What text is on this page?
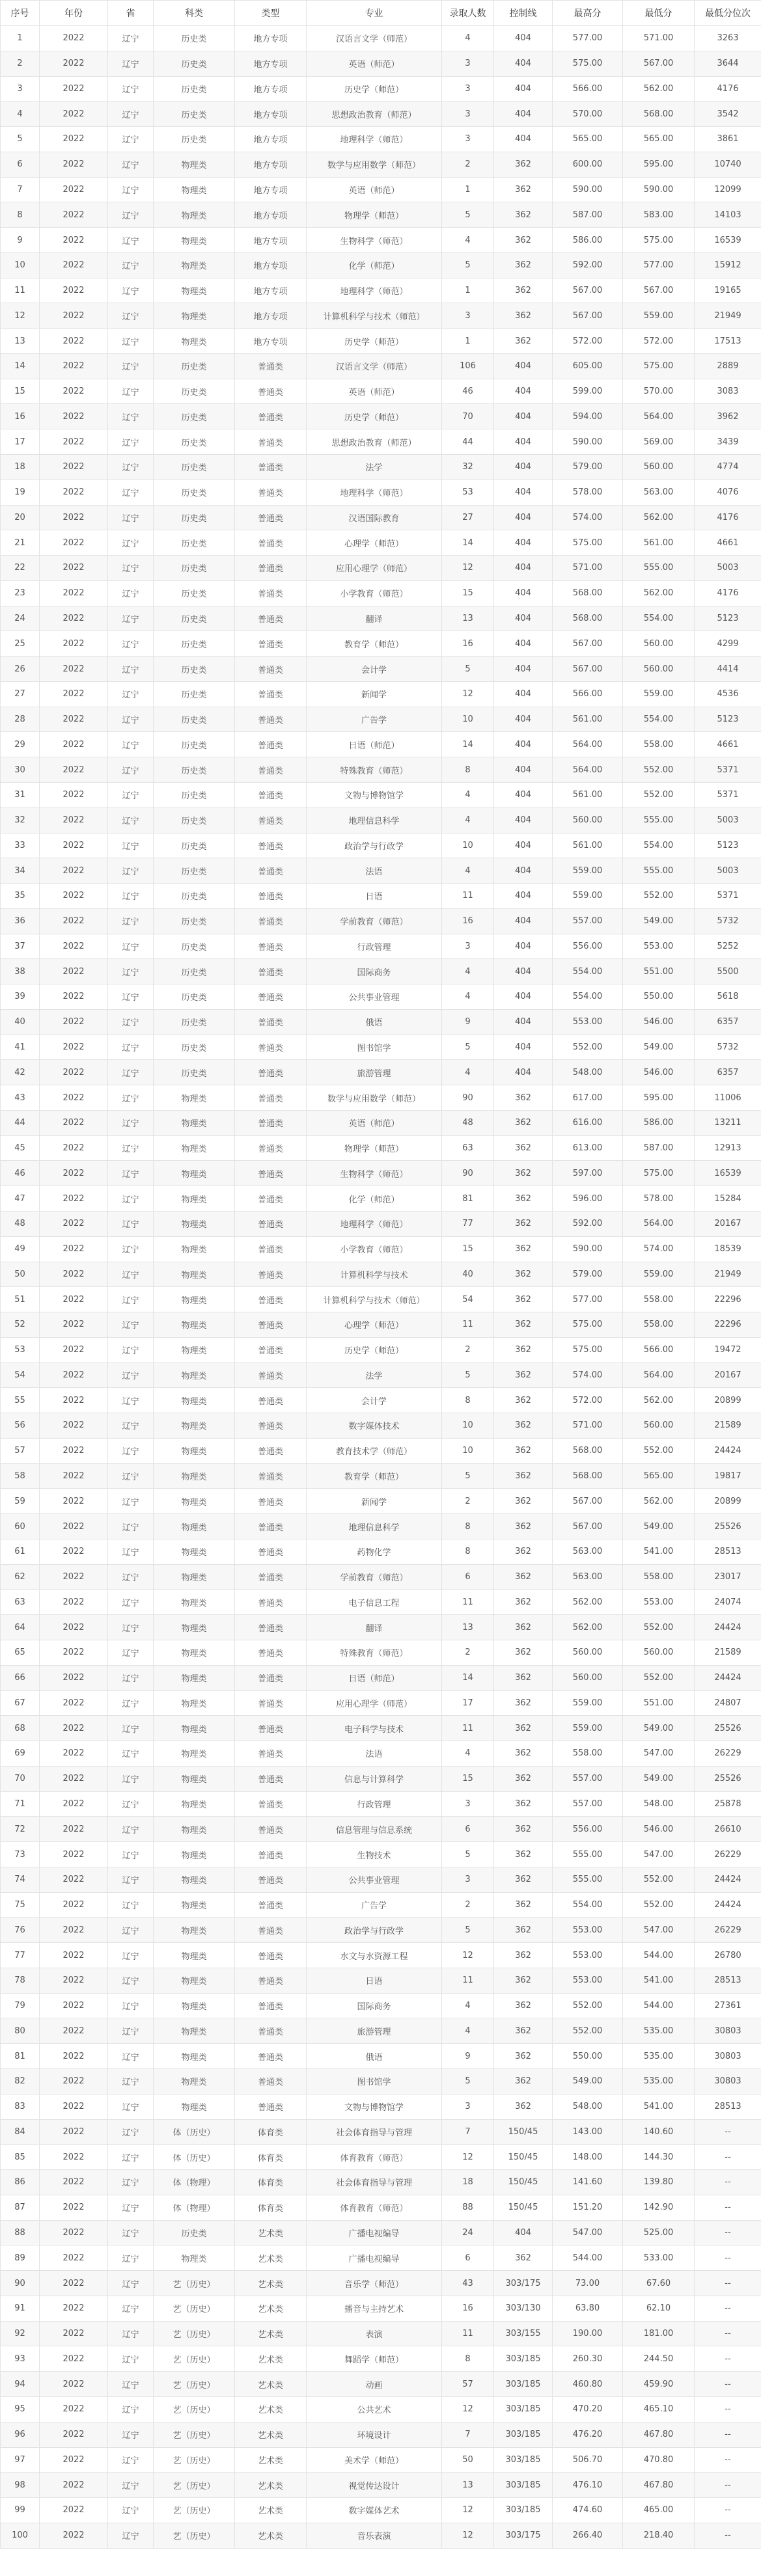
序号	年份	省	科类	类型	专业	录取人数	控制线	最高分	最低分	最低分位次
1	2022	辽宁	历史类	地方专项	汉语言文学（师范）	4	404	577.00	571.00	3263
2	2022	辽宁	历史类	地方专项	英语（师范）	3	404	575.00	567.00	3644
3	2022	辽宁	历史类	地方专项	历史学（师范）	3	404	566.00	562.00	4176
4	2022	辽宁	历史类	地方专项	思想政治教育（师范）	3	404	570.00	568.00	3542
5	2022	辽宁	历史类	地方专项	地理科学（师范）	3	404	565.00	565.00	3861
6	2022	辽宁	物理类	地方专项	数学与应用数学（师范）	2	362	600.00	595.00	10740
7	2022	辽宁	物理类	地方专项	英语（师范）	1	362	590.00	590.00	12099
8	2022	辽宁	物理类	地方专项	物理学（师范）	5	362	587.00	583.00	14103
9	2022	辽宁	物理类	地方专项	生物科学（师范）	4	362	586.00	575.00	16539
10	2022	辽宁	物理类	地方专项	化学（师范）	5	362	592.00	577.00	15912
11	2022	辽宁	物理类	地方专项	地理科学（师范）	1	362	567.00	567.00	19165
12	2022	辽宁	物理类	地方专项	计算机科学与技术（师范）	3	362	567.00	559.00	21949
13	2022	辽宁	物理类	地方专项	历史学（师范）	1	362	572.00	572.00	17513
14	2022	辽宁	历史类	普通类	汉语言文学（师范）	106	404	605.00	575.00	2889
15	2022	辽宁	历史类	普通类	英语（师范）	46	404	599.00	570.00	3083
16	2022	辽宁	历史类	普通类	历史学（师范）	70	404	594.00	564.00	3962
17	2022	辽宁	历史类	普通类	思想政治教育（师范）	44	404	590.00	569.00	3439
18	2022	辽宁	历史类	普通类	法学	32	404	579.00	560.00	4774
19	2022	辽宁	历史类	普通类	地理科学（师范）	53	404	578.00	563.00	4076
20	2022	辽宁	历史类	普通类	汉语国际教育	27	404	574.00	562.00	4176
21	2022	辽宁	历史类	普通类	心理学（师范）	14	404	575.00	561.00	4661
22	2022	辽宁	历史类	普通类	应用心理学（师范）	12	404	571.00	555.00	5003
23	2022	辽宁	历史类	普通类	小学教育（师范）	15	404	568.00	562.00	4176
24	2022	辽宁	历史类	普通类	翻译	13	404	568.00	554.00	5123
25	2022	辽宁	历史类	普通类	教育学（师范）	16	404	567.00	560.00	4299
26	2022	辽宁	历史类	普通类	会计学	5	404	567.00	560.00	4414
27	2022	辽宁	历史类	普通类	新闻学	12	404	566.00	559.00	4536
28	2022	辽宁	历史类	普通类	广告学	10	404	561.00	554.00	5123
29	2022	辽宁	历史类	普通类	日语（师范）	14	404	564.00	558.00	4661
30	2022	辽宁	历史类	普通类	特殊教育（师范）	8	404	564.00	552.00	5371
31	2022	辽宁	历史类	普通类	文物与博物馆学	4	404	561.00	552.00	5371
32	2022	辽宁	历史类	普通类	地理信息科学	4	404	560.00	555.00	5003
33	2022	辽宁	历史类	普通类	政治学与行政学	10	404	561.00	554.00	5123
34	2022	辽宁	历史类	普通类	法语	4	404	559.00	555.00	5003
35	2022	辽宁	历史类	普通类	日语	11	404	559.00	552.00	5371
36	2022	辽宁	历史类	普通类	学前教育（师范）	16	404	557.00	549.00	5732
37	2022	辽宁	历史类	普通类	行政管理	3	404	556.00	553.00	5252
38	2022	辽宁	历史类	普通类	国际商务	4	404	554.00	551.00	5500
39	2022	辽宁	历史类	普通类	公共事业管理	4	404	554.00	550.00	5618
40	2022	辽宁	历史类	普通类	俄语	9	404	553.00	546.00	6357
41	2022	辽宁	历史类	普通类	图书馆学	5	404	552.00	549.00	5732
42	2022	辽宁	历史类	普通类	旅游管理	4	404	548.00	546.00	6357
43	2022	辽宁	物理类	普通类	数学与应用数学（师范）	90	362	617.00	595.00	11006
44	2022	辽宁	物理类	普通类	英语（师范）	48	362	616.00	586.00	13211
45	2022	辽宁	物理类	普通类	物理学（师范）	63	362	613.00	587.00	12913
46	2022	辽宁	物理类	普通类	生物科学（师范）	90	362	597.00	575.00	16539
47	2022	辽宁	物理类	普通类	化学（师范）	81	362	596.00	578.00	15284
48	2022	辽宁	物理类	普通类	地理科学（师范）	77	362	592.00	564.00	20167
49	2022	辽宁	物理类	普通类	小学教育（师范）	15	362	590.00	574.00	18539
50	2022	辽宁	物理类	普通类	计算机科学与技术	40	362	579.00	559.00	21949
51	2022	辽宁	物理类	普通类	计算机科学与技术（师范）	54	362	577.00	558.00	22296
52	2022	辽宁	物理类	普通类	心理学（师范）	11	362	575.00	558.00	22296
53	2022	辽宁	物理类	普通类	历史学（师范）	2	362	575.00	566.00	19472
54	2022	辽宁	物理类	普通类	法学	5	362	574.00	564.00	20167
55	2022	辽宁	物理类	普通类	会计学	8	362	572.00	562.00	20899
56	2022	辽宁	物理类	普通类	数字媒体技术	10	362	571.00	560.00	21589
57	2022	辽宁	物理类	普通类	教育技术学（师范）	10	362	568.00	552.00	24424
58	2022	辽宁	物理类	普通类	教育学（师范）	5	362	568.00	565.00	19817
59	2022	辽宁	物理类	普通类	新闻学	2	362	567.00	562.00	20899
60	2022	辽宁	物理类	普通类	地理信息科学	8	362	567.00	549.00	25526
61	2022	辽宁	物理类	普通类	药物化学	8	362	563.00	541.00	28513
62	2022	辽宁	物理类	普通类	学前教育（师范）	6	362	563.00	558.00	23017
63	2022	辽宁	物理类	普通类	电子信息工程	11	362	562.00	553.00	24074
64	2022	辽宁	物理类	普通类	翻译	13	362	562.00	552.00	24424
65	2022	辽宁	物理类	普通类	特殊教育（师范）	2	362	560.00	560.00	21589
66	2022	辽宁	物理类	普通类	日语（师范）	14	362	560.00	552.00	24424
67	2022	辽宁	物理类	普通类	应用心理学（师范）	17	362	559.00	551.00	24807
68	2022	辽宁	物理类	普通类	电子科学与技术	11	362	559.00	549.00	25526
69	2022	辽宁	物理类	普通类	法语	4	362	558.00	547.00	26229
70	2022	辽宁	物理类	普通类	信息与计算科学	15	362	557.00	549.00	25526
71	2022	辽宁	物理类	普通类	行政管理	3	362	557.00	548.00	25878
72	2022	辽宁	物理类	普通类	信息管理与信息系统	6	362	556.00	546.00	26610
73	2022	辽宁	物理类	普通类	生物技术	5	362	555.00	547.00	26229
74	2022	辽宁	物理类	普通类	公共事业管理	3	362	555.00	552.00	24424
75	2022	辽宁	物理类	普通类	广告学	2	362	554.00	552.00	24424
76	2022	辽宁	物理类	普通类	政治学与行政学	5	362	553.00	547.00	26229
77	2022	辽宁	物理类	普通类	水文与水资源工程	12	362	553.00	544.00	26780
78	2022	辽宁	物理类	普通类	日语	11	362	553.00	541.00	28513
79	2022	辽宁	物理类	普通类	国际商务	4	362	552.00	544.00	27361
80	2022	辽宁	物理类	普通类	旅游管理	4	362	552.00	535.00	30803
81	2022	辽宁	物理类	普通类	俄语	9	362	550.00	535.00	30803
82	2022	辽宁	物理类	普通类	图书馆学	5	362	549.00	535.00	30803
83	2022	辽宁	物理类	普通类	文物与博物馆学	3	362	548.00	541.00	28513
84	2022	辽宁	体（历史）	体育类	社会体育指导与管理	7	150/45	143.00	140.60	--
85	2022	辽宁	体（历史）	体育类	体育教育（师范）	12	150/45	148.00	144.30	--
86	2022	辽宁	体（物理）	体育类	社会体育指导与管理	18	150/45	141.60	139.80	--
87	2022	辽宁	体（物理）	体育类	体育教育（师范）	88	150/45	151.20	142.90	--
88	2022	辽宁	历史类	艺术类	广播电视编导	24	404	547.00	525.00	--
89	2022	辽宁	物理类	艺术类	广播电视编导	6	362	544.00	533.00	--
90	2022	辽宁	艺（历史）	艺术类	音乐学（师范）	43	303/175	73.00	67.60	--
91	2022	辽宁	艺（历史）	艺术类	播音与主持艺术	16	303/130	63.80	62.10	--
92	2022	辽宁	艺（历史）	艺术类	表演	11	303/155	190.00	181.00	--
93	2022	辽宁	艺（历史）	艺术类	舞蹈学（师范）	8	303/185	260.30	244.50	--
94	2022	辽宁	艺（历史）	艺术类	动画	57	303/185	460.80	459.90	--
95	2022	辽宁	艺（历史）	艺术类	公共艺术	12	303/185	470.20	465.10	--
96	2022	辽宁	艺（历史）	艺术类	环境设计	7	303/185	476.20	467.80	--
97	2022	辽宁	艺（历史）	艺术类	美术学（师范）	50	303/185	506.70	470.80	--
98	2022	辽宁	艺（历史）	艺术类	视觉传达设计	13	303/185	476.10	467.80	--
99	2022	辽宁	艺（历史）	艺术类	数字媒体艺术	12	303/185	474.60	465.00	--
100	2022	辽宁	艺（历史）	艺术类	音乐表演	12	303/175	266.40	218.40	--
